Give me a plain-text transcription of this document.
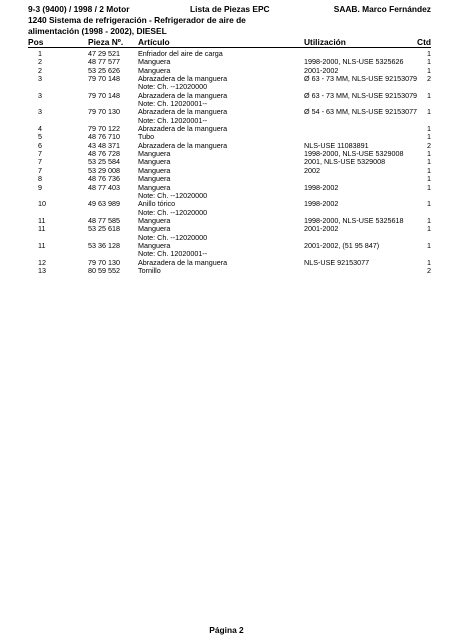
9-3 (9400) / 1998 / 2 Motor	Lista de Piezas EPC	SAAB. Marco Fernández
1240 Sistema de refrigeración - Refrigerador de aire de
alimentación (1998 - 2002), DIESEL
Pos	Pieza Nº. Artículo	Utilización	Ctd
1	47 29 521	Enfriador del aire de carga	1
2	48 77 577	Manguera	1998-2000, NLS-USE 5325626	1
2	53 25 626	Manguera	2001-2002	1
3	79 70 148	Abrazadera de la manguera	Ø 63 - 73 MM, NLS-USE 92153079 2
Note: Ch. --12020000
3	79 70 148	Abrazadera de la manguera	Ø 63 - 73 MM, NLS-USE 92153079 1
Note: Ch. 12020001--
3	79 70 130	Abrazadera de la manguera	Ø 54 - 63 MM, NLS-USE 92153077 1
Note: Ch. 12020001--
4	79 70 122	Abrazadera de la manguera	1
5	48 76 710	Tubo	1
6	43 48 371	Abrazadera de la manguera	NLS-USE 11083891	2
7	48 76 728	Manguera	1998-2000, NLS-USE 5329008	1
7	53 25 584	Manguera	2001, NLS-USE 5329008	1
7	53 29 008	Manguera	2002	1
8	48 76 736	Manguera	1
9	48 77 403	Manguera	1998-2002	1
Note: Ch. --12020000
10	49 63 989	Anillo tórico	1998-2002	1
Note: Ch. --12020000
11	48 77 585	Manguera	1998-2000, NLS-USE 5325618	1
11	53 25 618	Manguera	2001-2002	1
Note: Ch. --12020000
11	53 36 128	Manguera	2001-2002, (51 95 847)	1
Note: Ch. 12020001--
12	79 70 130	Abrazadera de la manguera	NLS-USE 92153077	1
13	80 59 552	Tornillo	2
Página 2
